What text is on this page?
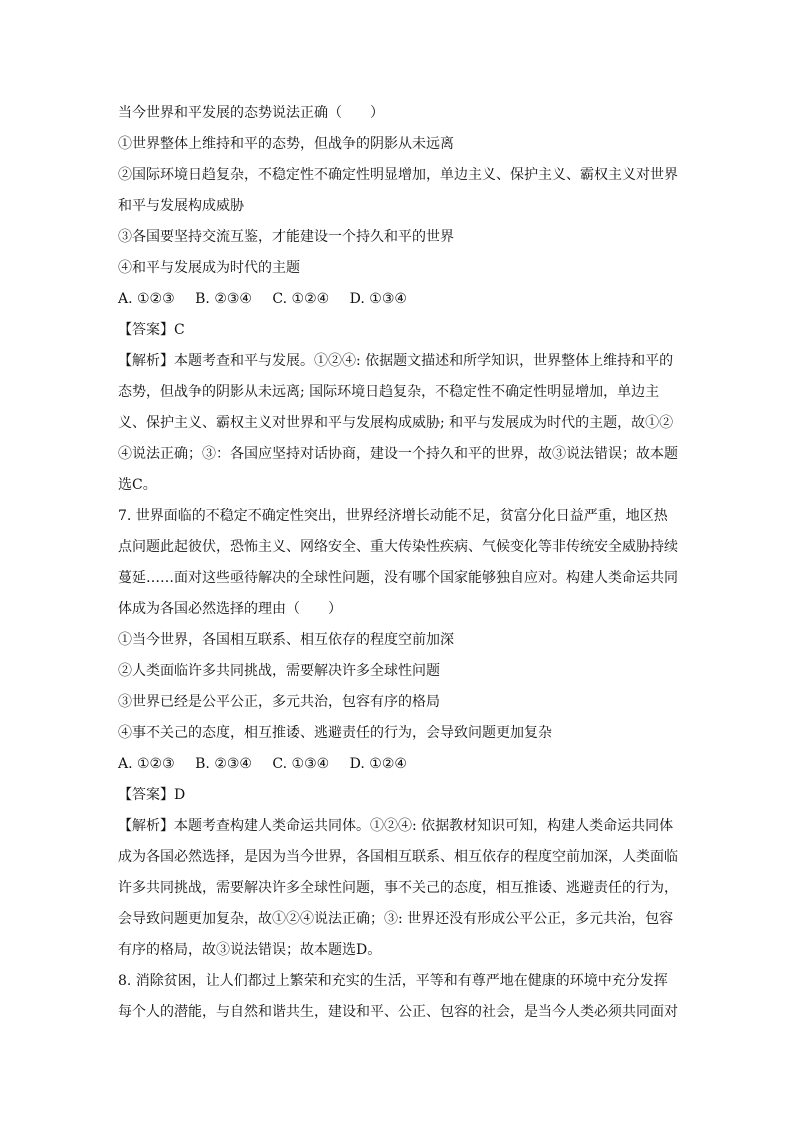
当今世界和平发展的态势说法正确（　　）
①世界整体上维持和平的态势，但战争的阴影从未远离
②国际环境日趋复杂，不稳定性不确定性明显增加，单边主义、保护主义、霸权主义对世界和平与发展构成威胁
③各国要坚持交流互鉴，才能建设一个持久和平的世界
④和平与发展成为时代的主题
A. ①②③ B. ②③④ C. ①②④ D. ①③④
【答案】C
【解析】本题考查和平与发展。①②④: 依据题文描述和所学知识，世界整体上维持和平的态势，但战争的阴影从未远离; 国际环境日趋复杂，不稳定性不确定性明显增加，单边主义、保护主义、霸权主义对世界和平与发展构成威胁; 和平与发展成为时代的主题，故①②④说法正确；③：各国应坚持对话协商，建设一个持久和平的世界，故③说法错误；故本题选C。
7. 世界面临的不稳定不确定性突出，世界经济增长动能不足，贫富分化日益严重，地区热点问题此起彼伏，恐怖主义、网络安全、重大传染性疾病、气候变化等非传统安全威胁持续蔓延……面对这些亟待解决的全球性问题，没有哪个国家能够独自应对。构建人类命运共同体成为各国必然选择的理由（　　）
①当今世界，各国相互联系、相互依存的程度空前加深
②人类面临许多共同挑战，需要解决许多全球性问题
③世界已经是公平公正，多元共治，包容有序的格局
④事不关己的态度，相互推诿、逃避责任的行为，会导致问题更加复杂
A. ①②③ B. ②③④ C. ①③④ D. ①②④
【答案】D
【解析】本题考查构建人类命运共同体。①②④: 依据教材知识可知，构建人类命运共同体成为各国必然选择，是因为当今世界，各国相互联系、相互依存的程度空前加深，人类面临许多共同挑战，需要解决许多全球性问题，事不关己的态度，相互推诿、逃避责任的行为，会导致问题更加复杂，故①②④说法正确；③: 世界还没有形成公平公正，多元共治，包容有序的格局，故③说法错误；故本题选D。
8. 消除贫困，让人们都过上繁荣和充实的生活，平等和有尊严地在健康的环境中充分发挥每个人的潜能，与自然和谐共生，建设和平、公正、包容的社会，是当今人类必须共同面对
